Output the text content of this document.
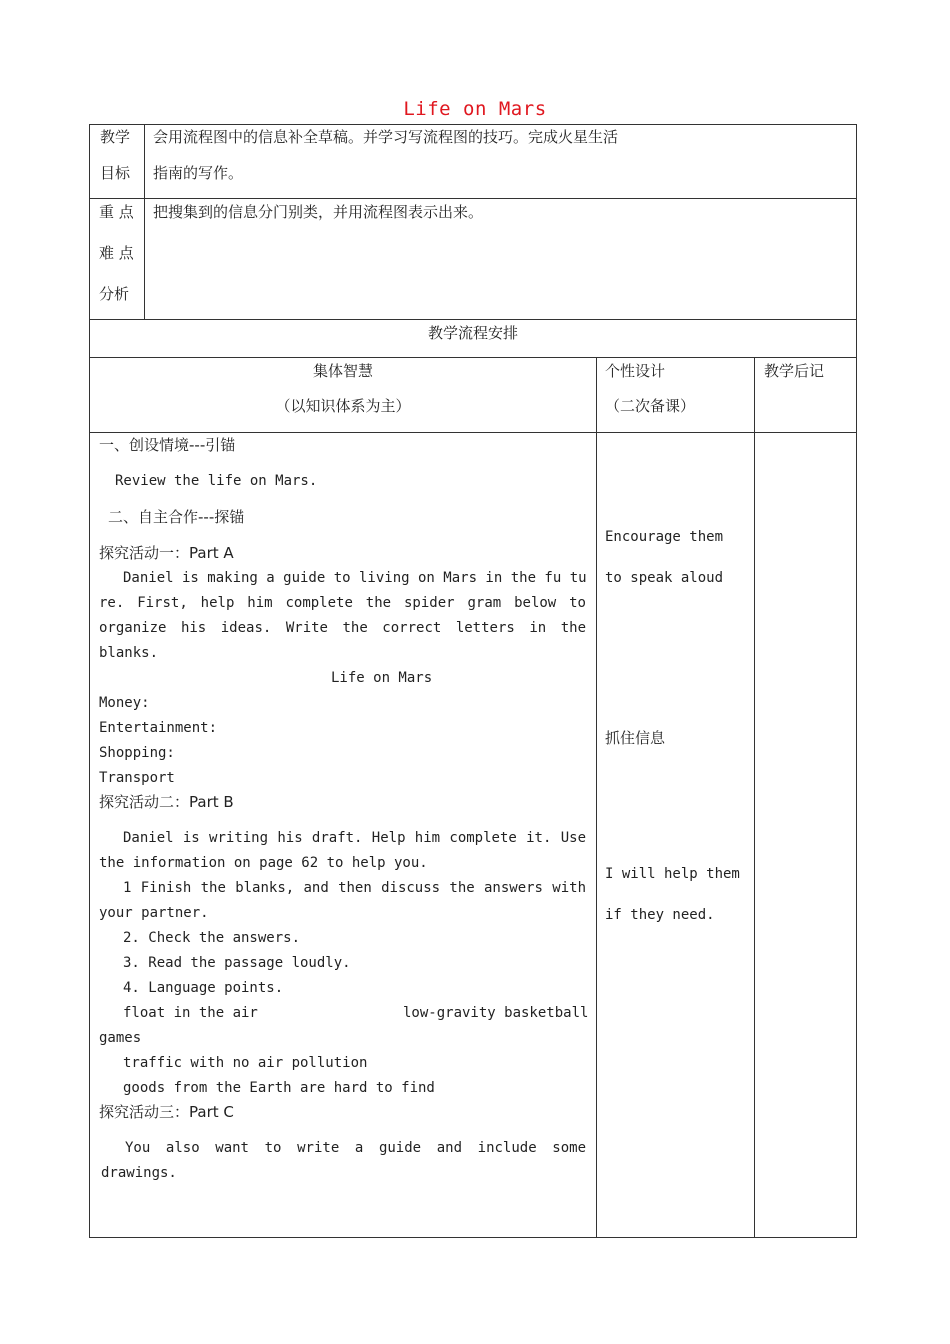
Life on Mars
教学
目标
会用流程图中的信息补全草稿。并学习写流程图的技巧。完成火星生活
指南的写作。
重 点
难 点
分析
把搜集到的信息分门别类，并用流程图表示出来。
教学流程安排
集体智慧
（以知识体系为主）
个性设计
（二次备课）
教学后记
一、创设情境---引锚
Review the life on Mars.
二、自主合作---探锚
探究活动一：Part A
Daniel is making a guide to living on Mars in the fu tu
re. First, help him complete the spider gram below to
organize his ideas. Write the correct letters in the
blanks.
Life on Mars
Money:
Entertainment:
Shopping:
Transport
探究活动二：Part B
Daniel is writing his draft. Help him complete it. Use
the information on page 62 to help you.
1 Finish the blanks, and then discuss the answers with
your partner.
2. Check the answers.
3. Read the passage loudly.
4. Language points.
float in the air	low-gravity basketball
games
traffic with no air pollution
goods from the Earth are hard to find
探究活动三：Part C
You also want to write a guide and include some
drawings.
Encourage them
to speak aloud
抓住信息
I will help them
if they need.
